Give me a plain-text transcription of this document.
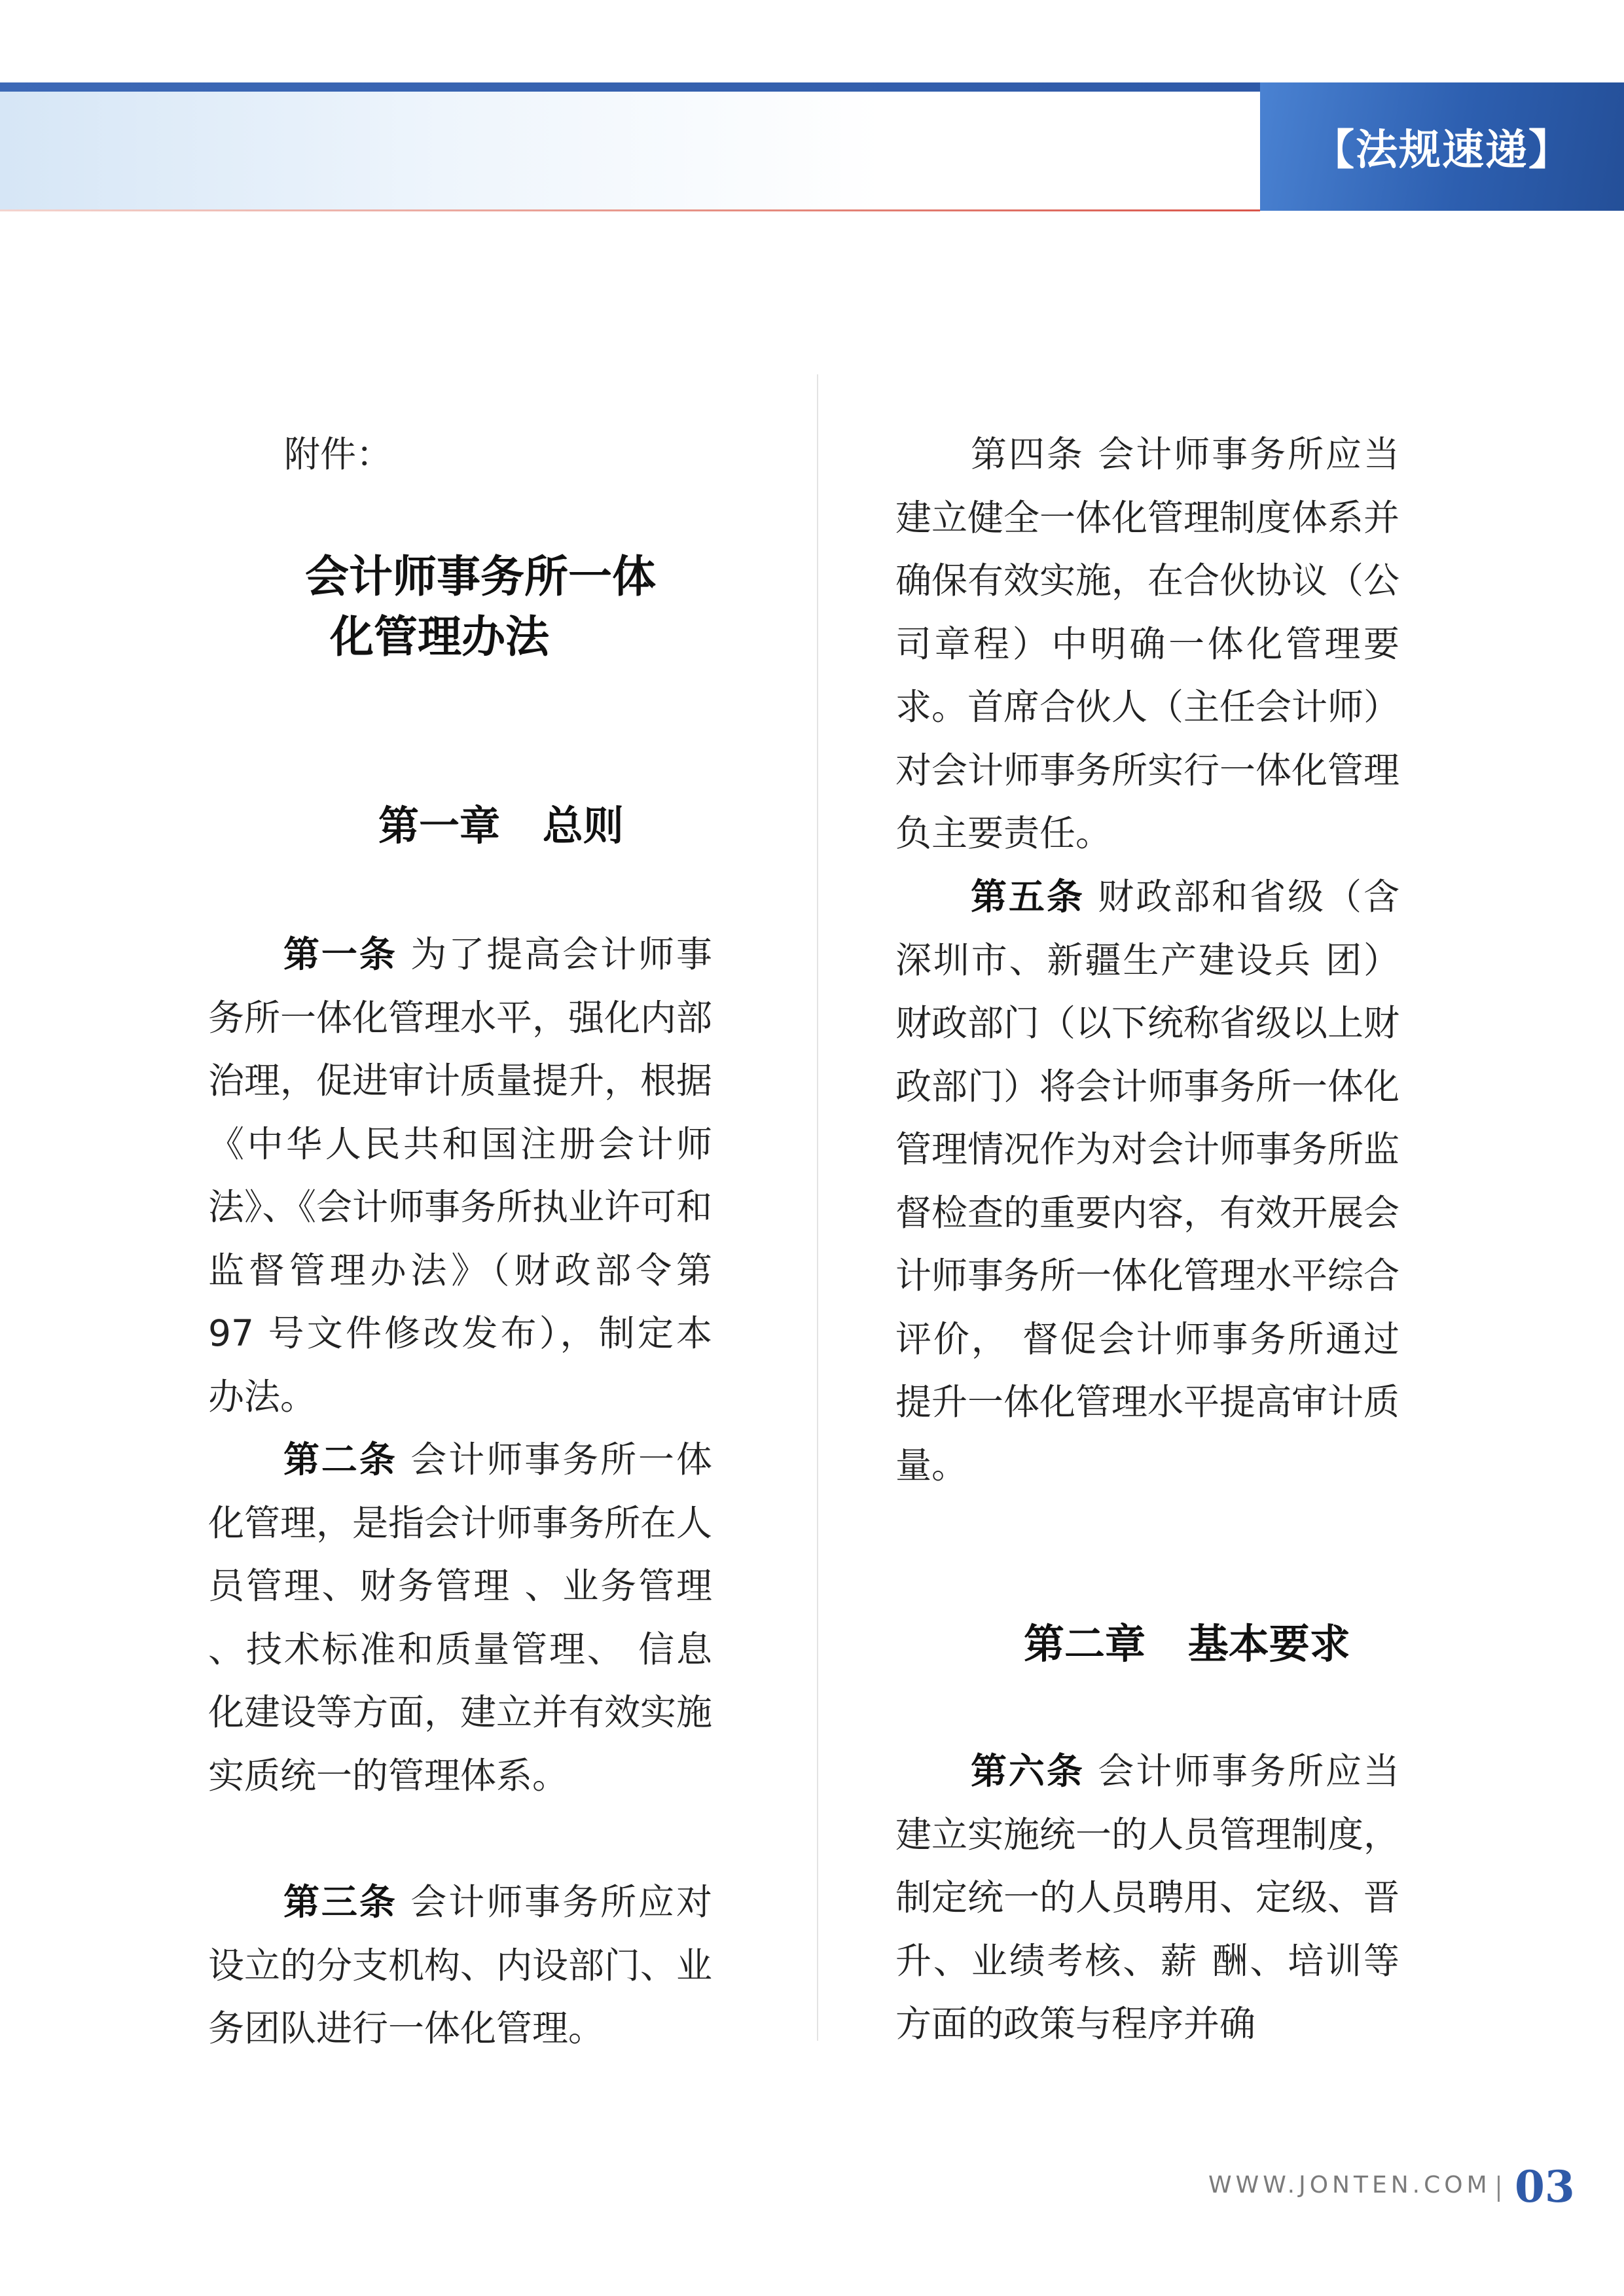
【法规速递】
附件：
会计师事务所一体
化管理办法
第一章   总则

第一条 为了提高会计师事务所一体化管理水平，强化内部治理，促进审计质量提升，根据《中华人民共和国注册会计师法》、《会计师事务所执业许可和监督管理办法》（财政部令第 97 号文件修改发布），制定本办法。

第二条 会计师事务所一体化管理，是指会计师事务所在人员管理、财务管理 、业务管理 、技术标准和质量管理、 信息化建设等方面，建立并有效实施实质统一的管理体系。

第三条 会计师事务所应对设立的分支机构、内设部门、业务团队进行一体化管理。

第四条 会计师事务所应当建立健全一体化管理制度体系并确保有效实施，在合伙协议（公司章程）中明确一体化管理要求。首席合伙人（主任会计师）对会计师事务所实行一体化管理负主要责任。

第五条 财政部和省级（含深圳市、新疆生产建设兵 团）财政部门（以下统称省级以上财政部门）将会计师事务所一体化管理情况作为对会计师事务所监督检查的重要内容，有效开展会计师事务所一体化管理水平综合评价， 督促会计师事务所通过提升一体化管理水平提高审计质量。

第二章   基本要求

第六条 会计师事务所应当建立实施统一的人员管理制度，制定统一的人员聘用、定级、晋升、业绩考核、薪 酬、培训等方面的政策与程序并确

WWW.JONTEN.COM 03
